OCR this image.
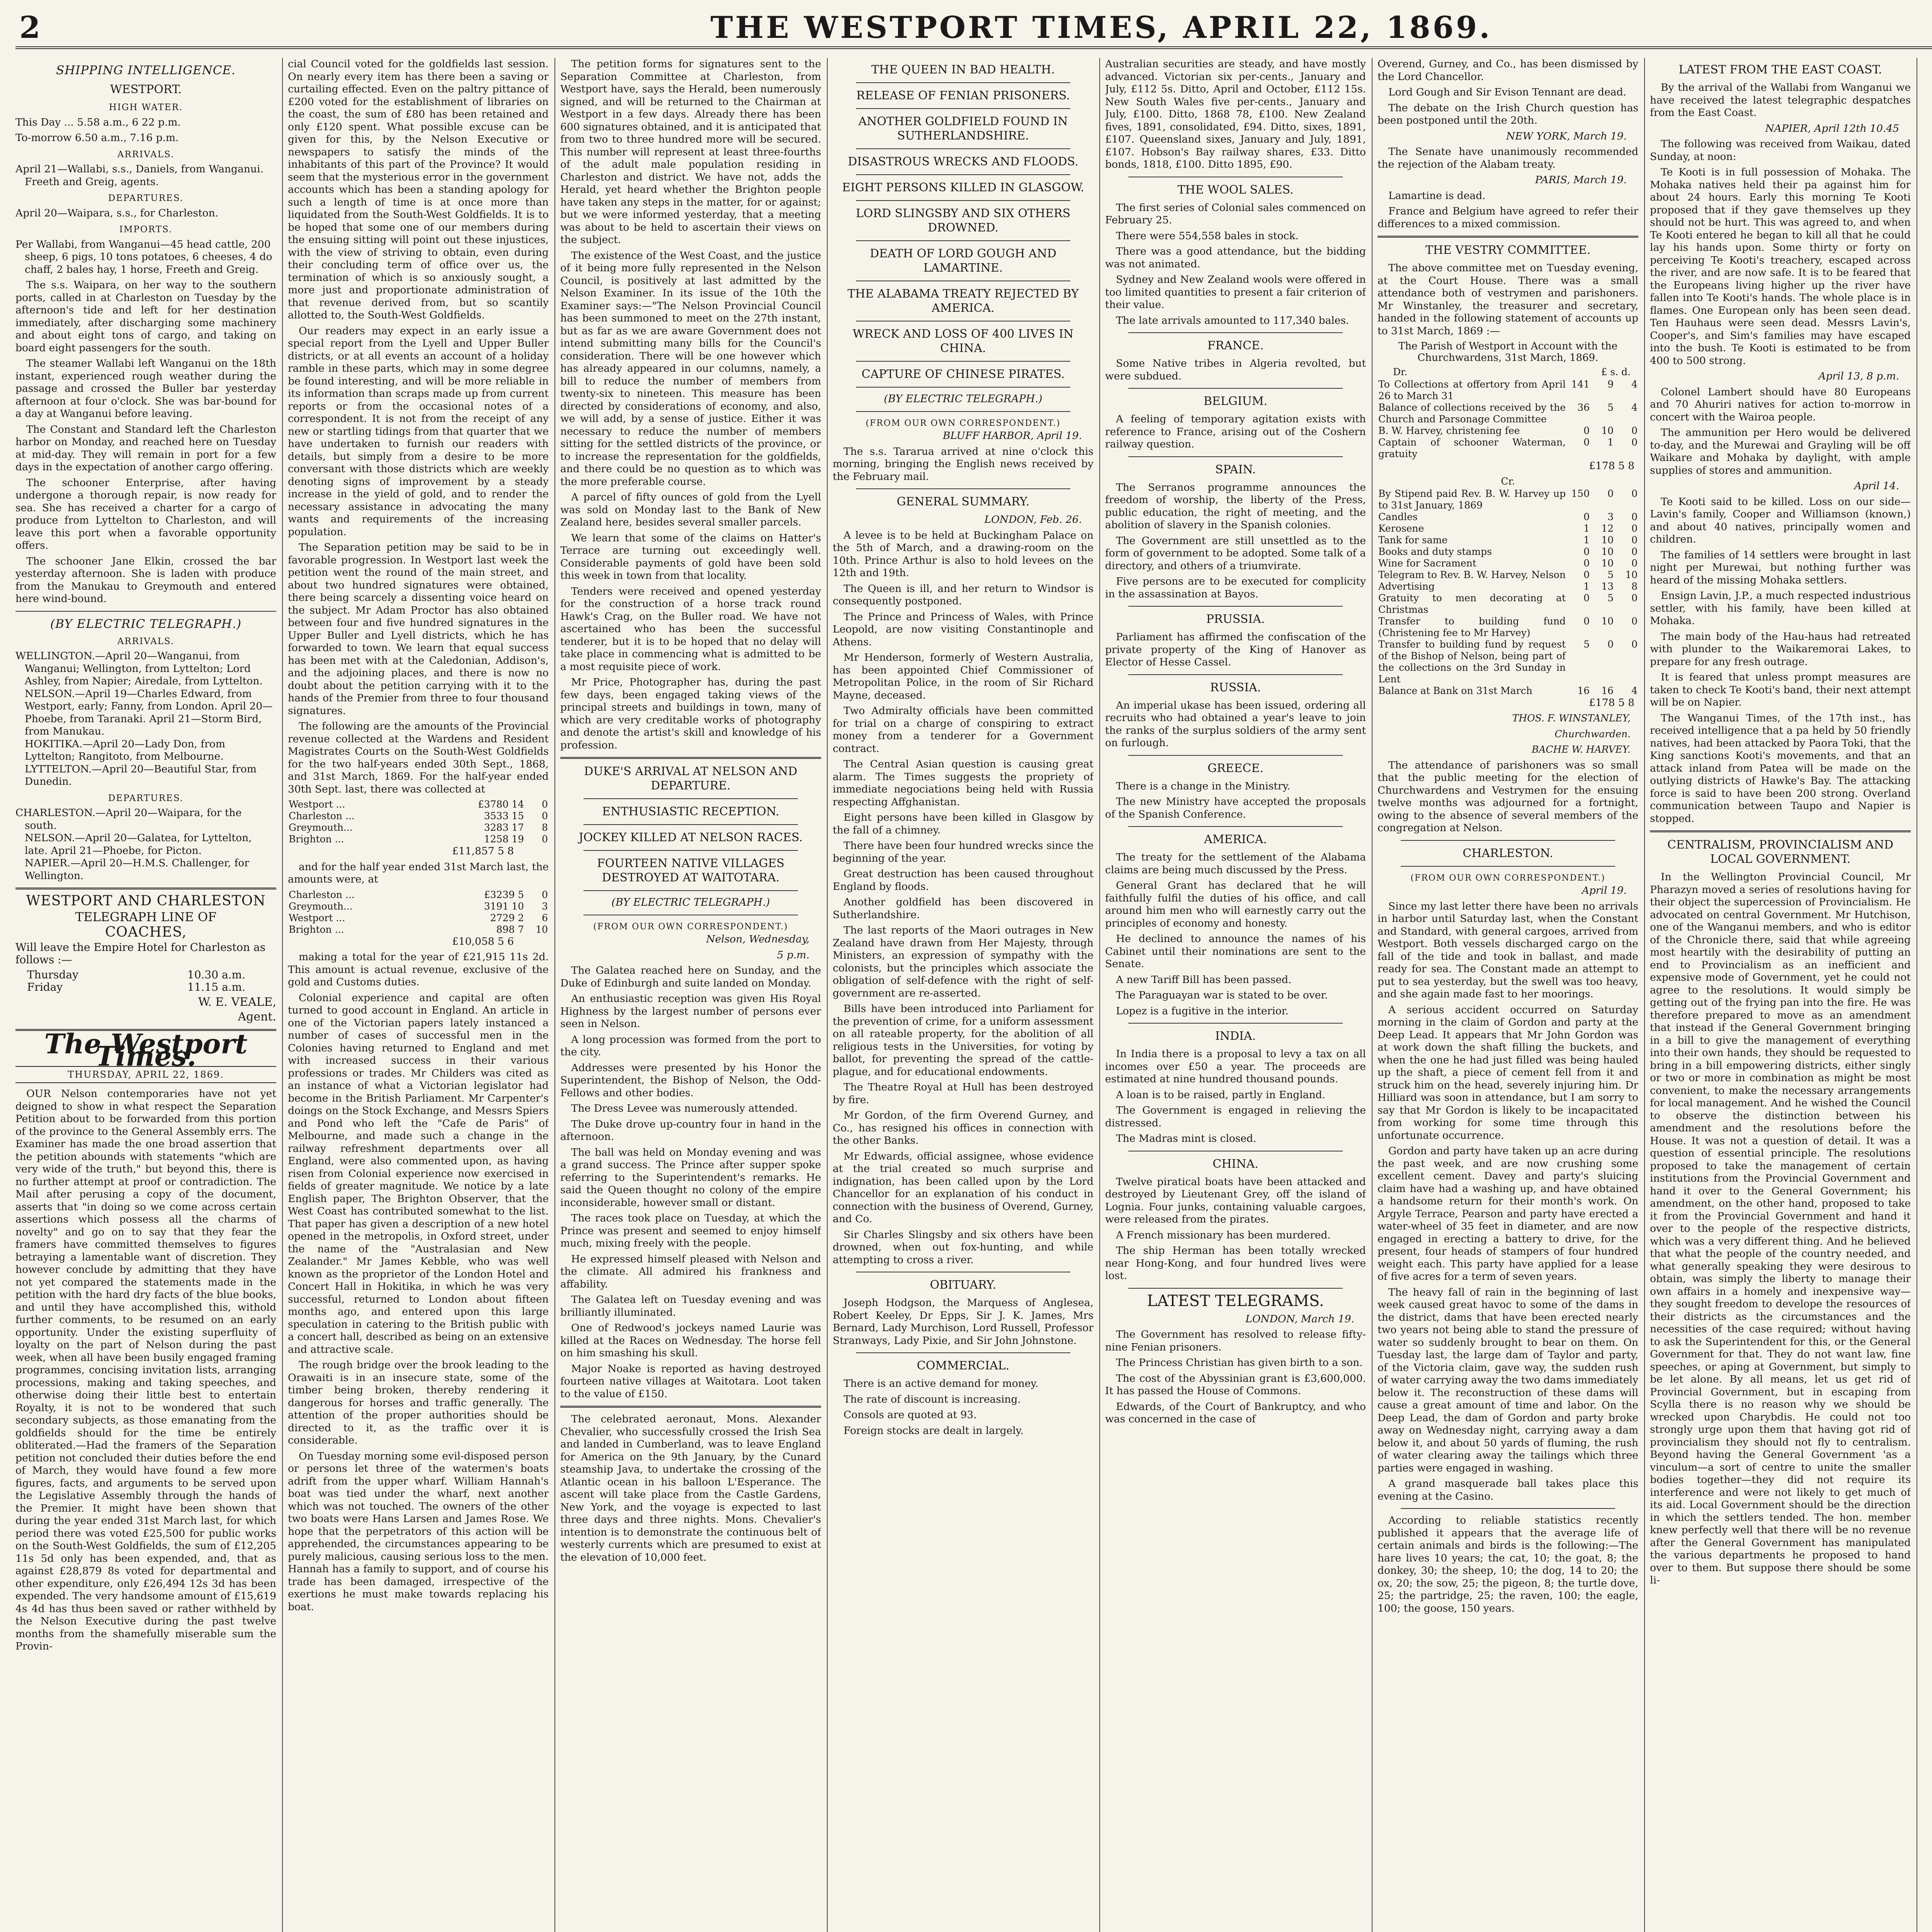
2	THE WESTPORT TIMES, APRIL 22, 1869.
SHIPPING INTELLIGENCE.
WESTPORT.
HIGH WATER.

This Day ... 5.58 a.m., 6 22 p.m.

To-morrow 6.50 a.m., 7.16 p.m.

ARRIVALS.

April 21—Wallabi, s.s., Daniels, from Wanganui. Freeth and Greig, agents.

DEPARTURES.

April 20—Waipara, s.s., for Charleston.

IMPORTS.

Per Wallabi, from Wanganui—45 head cattle, 200 sheep, 6 pigs, 10 tons potatoes, 6 cheeses, 4 do chaff, 2 bales hay, 1 horse, Freeth and Greig.

The s.s. Waipara, on her way to the southern ports, called in at Charleston on Tuesday by the afternoon's tide and left for her destination immediately, after discharging some machinery and about eight tons of cargo, and taking on board eight passengers for the south.

The steamer Wallabi left Wanganui on the 18th instant, experienced rough weather during the passage and crossed the Buller bar yesterday afternoon at four o'clock. She was bar-bound for a day at Wanganui before leaving.

The Constant and Standard left the Charleston harbor on Monday, and reached here on Tuesday at mid-day. They will remain in port for a few days in the expectation of another cargo offering.

The schooner Enterprise, after having undergone a thorough repair, is now ready for sea. She has received a charter for a cargo of produce from Lyttelton to Charleston, and will leave this port when a favorable opportunity offers.

The schooner Jane Elkin, crossed the bar yesterday afternoon. She is laden with produce from the Manukau to Greymouth and entered here wind-bound.

(BY ELECTRIC TELEGRAPH.)
ARRIVALS.

WELLINGTON.—April 20—Wanganui, from Wanganui; Wellington, from Lyttelton; Lord Ashley, from Napier; Airedale, from Lyttelton.
NELSON.—April 19—Charles Edward, from Westport, early; Fanny, from London. April 20—Phoebe, from Taranaki. April 21—Storm Bird, from Manukau.
HOKITIKA.—April 20—Lady Don, from Lyttelton; Rangitoto, from Melbourne.
LYTTELTON.—April 20—Beautiful Star, from Dunedin.

DEPARTURES.

CHARLESTON.—April 20—Waipara, for the south.
NELSON.—April 20—Galatea, for Lyttelton, late. April 21—Phoebe, for Picton.
NAPIER.—April 20—H.M.S. Challenger, for Wellington.

WESTPORT AND CHARLESTON
TELEGRAPH LINE OF
COACHES,
Will leave the Empire Hotel for Charleston as follows :—
Thursday	10.30 a.m.
Friday	11.15 a.m.
W. E. VEALE,
Agent.
The Westport Times.
THURSDAY, APRIL 22, 1869.

OUR Nelson contemporaries have not yet deigned to show in what respect the Separation Petition about to be forwarded from this portion of the province to the General Assembly errs. The Examiner has made the one broad assertion that the petition abounds with statements "which are very wide of the truth," but beyond this, there is no further attempt at proof or contradiction. The Mail after perusing a copy of the document, asserts that "in doing so we come across certain assertions which possess all the charms of novelty" and go on to say that they fear the framers have committed themselves to figures betraying a lamentable want of discretion. They however conclude by admitting that they have not yet compared the statements made in the petition with the hard dry facts of the blue books, and until they have accomplished this, withold further comments, to be resumed on an early opportunity. Under the existing superfluity of loyalty on the part of Nelson during the past week, when all have been busily engaged framing programmes, concising invitation lists, arranging processions, making and taking speeches, and otherwise doing their little best to entertain Royalty, it is not to be wondered that such secondary subjects, as those emanating from the goldfields should for the time be entirely obliterated.—Had the framers of the Separation petition not concluded their duties before the end of March, they would have found a few more figures, facts, and arguments to be served upon the Legislative Assembly through the hands of the Premier. It might have been shown that during the year ended 31st March last, for which period there was voted £25,500 for public works on the South-West Goldfields, the sum of £12,205 11s 5d only has been expended, and, that as against £28,879 8s voted for departmental and other expenditure, only £26,494 12s 3d has been expended. The very handsome amount of £15,619 4s 4d has thus been saved or rather withheld by the Nelson Executive during the past twelve months from the shamefully miserable sum the Provin-

cial Council voted for the goldfields last session. On nearly every item has there been a saving or curtailing effected. Even on the paltry pittance of £200 voted for the establishment of libraries on the coast, the sum of £80 has been retained and only £120 spent. What possible excuse can be given for this, by the Nelson Executive or newspapers to satisfy the minds of the inhabitants of this part of the Province? It would seem that the mysterious error in the government accounts which has been a standing apology for such a length of time is at once more than liquidated from the South-West Goldfields. It is to be hoped that some one of our members during the ensuing sitting will point out these injustices, with the view of striving to obtain, even during their concluding term of office over us, the termination of which is so anxiously sought, a more just and proportionate administration of that revenue derived from, but so scantily allotted to, the South-West Goldfields.

Our readers may expect in an early issue a special report from the Lyell and Upper Buller districts, or at all events an account of a holiday ramble in these parts, which may in some degree be found interesting, and will be more reliable in its information than scraps made up from current reports or from the occasional notes of a correspondent. It is not from the receipt of any new or startling tidings from that quarter that we have undertaken to furnish our readers with details, but simply from a desire to be more conversant with those districts which are weekly denoting signs of improvement by a steady increase in the yield of gold, and to render the necessary assistance in advocating the many wants and requirements of the increasing population.

The Separation petition may be said to be in favorable progression. In Westport last week the petition went the round of the main street, and about two hundred signatures were obtained, there being scarcely a dissenting voice heard on the subject. Mr Adam Proctor has also obtained between four and five hundred signatures in the Upper Buller and Lyell districts, which he has forwarded to town. We learn that equal success has been met with at the Caledonian, Addison's, and the adjoining places, and there is now no doubt about the petition carrying with it to the hands of the Premier from three to four thousand signatures.

The following are the amounts of the Provincial revenue collected at the Wardens and Resident Magistrates Courts on the South-West Goldfields for the two half-years ended 30th Sept., 1868, and 31st March, 1869. For the half-year ended 30th Sept. last, there was collected at

Westport ...	£3780 14	0
Charleston ...	3533 15	0
Greymouth...	3283 17	8
Brighton ...	1258 19	0

£11,857 5 8

and for the half year ended 31st March last, the amounts were, at

Charleston ...	£3239 5	0
Greymouth...	3191 10	3
Westport ...	2729 2	6
Brighton ...	898 7	10

£10,058 5 6

making a total for the year of £21,915 11s 2d. This amount is actual revenue, exclusive of the gold and Customs duties.

Colonial experience and capital are often turned to good account in England. An article in one of the Victorian papers lately instanced a number of cases of successful men in the Colonies having returned to England and met with increased success in their various professions or trades. Mr Childers was cited as an instance of what a Victorian legislator had become in the British Parliament. Mr Carpenter's doings on the Stock Exchange, and Messrs Spiers and Pond who left the "Cafe de Paris" of Melbourne, and made such a change in the railway refreshment departments over all England, were also commented upon, as having risen from Colonial experience now exercised in fields of greater magnitude. We notice by a late English paper, The Brighton Observer, that the West Coast has contributed somewhat to the list. That paper has given a description of a new hotel opened in the metropolis, in Oxford street, under the name of the "Australasian and New Zealander." Mr James Kebble, who was well known as the proprietor of the London Hotel and Concert Hall in Hokitika, in which he was very successful, returned to London about fifteen months ago, and entered upon this large speculation in catering to the British public with a concert hall, described as being on an extensive and attractive scale.

The rough bridge over the brook leading to the Orawaiti is in an insecure state, some of the timber being broken, thereby rendering it dangerous for horses and traffic generally. The attention of the proper authorities should be directed to it, as the traffic over it is considerable.

On Tuesday morning some evil-disposed person or persons let three of the watermen's boats adrift from the upper wharf. William Hannah's boat was tied under the wharf, next another which was not touched. The owners of the other two boats were Hans Larsen and James Rose. We hope that the perpetrators of this action will be apprehended, the circumstances appearing to be purely malicious, causing serious loss to the men. Hannah has a family to support, and of course his trade has been damaged, irrespective of the exertions he must make towards replacing his boat.

The petition forms for signatures sent to the Separation Committee at Charleston, from Westport have, says the Herald, been numerously signed, and will be returned to the Chairman at Westport in a few days. Already there has been 600 signatures obtained, and it is anticipated that from two to three hundred more will be secured. This number will represent at least three-fourths of the adult male population residing in Charleston and district. We have not, adds the Herald, yet heard whether the Brighton people have taken any steps in the matter, for or against; but we were informed yesterday, that a meeting was about to be held to ascertain their views on the subject.

The existence of the West Coast, and the justice of it being more fully represented in the Nelson Council, is positively at last admitted by the Nelson Examiner. In its issue of the 10th the Examiner says:—"The Nelson Provincial Council has been summoned to meet on the 27th instant, but as far as we are aware Government does not intend submitting many bills for the Council's consideration. There will be one however which has already appeared in our columns, namely, a bill to reduce the number of members from twenty-six to nineteen. This measure has been directed by considerations of economy, and also, we will add, by a sense of justice. Either it was necessary to reduce the number of members sitting for the settled districts of the province, or to increase the representation for the goldfields, and there could be no question as to which was the more preferable course.

A parcel of fifty ounces of gold from the Lyell was sold on Monday last to the Bank of New Zealand here, besides several smaller parcels.

We learn that some of the claims on Hatter's Terrace are turning out exceedingly well. Considerable payments of gold have been sold this week in town from that locality.

Tenders were received and opened yesterday for the construction of a horse track round Hawk's Crag, on the Buller road. We have not ascertained who has been the successful tenderer, but it is to be hoped that no delay will take place in commencing what is admitted to be a most requisite piece of work.

Mr Price, Photographer has, during the past few days, been engaged taking views of the principal streets and buildings in town, many of which are very creditable works of photography and denote the artist's skill and knowledge of his profession.

DUKE'S ARRIVAL AT NELSON AND DEPARTURE.
ENTHUSIASTIC RECEPTION.
JOCKEY KILLED AT NELSON RACES.
FOURTEEN NATIVE VILLAGES DESTROYED AT WAITOTARA.
(BY ELECTRIC TELEGRAPH.)
(FROM OUR OWN CORRESPONDENT.)

Nelson, Wednesday,

5 p.m.

The Galatea reached here on Sunday, and the Duke of Edinburgh and suite landed on Monday.

An enthusiastic reception was given His Royal Highness by the largest number of persons ever seen in Nelson.

A long procession was formed from the port to the city.

Addresses were presented by his Honor the Superintendent, the Bishop of Nelson, the Odd-Fellows and other bodies.

The Dress Levee was numerously attended.

The Duke drove up-country four in hand in the afternoon.

The ball was held on Monday evening and was a grand success. The Prince after supper spoke referring to the Superintendent's remarks. He said the Queen thought no colony of the empire inconsiderable, however small or distant.

The races took place on Tuesday, at which the Prince was present and seemed to enjoy himself much, mixing freely with the people.

He expressed himself pleased with Nelson and the climate. All admired his frankness and affability.

The Galatea left on Tuesday evening and was brilliantly illuminated.

One of Redwood's jockeys named Laurie was killed at the Races on Wednesday. The horse fell on him smashing his skull.

Major Noake is reported as having destroyed fourteen native villages at Waitotara. Loot taken to the value of £150.

The celebrated aeronaut, Mons. Alexander Chevalier, who successfully crossed the Irish Sea and landed in Cumberland, was to leave England for America on the 9th January, by the Cunard steamship Java, to undertake the crossing of the Atlantic ocean in his balloon L'Esperance. The ascent will take place from the Castle Gardens, New York, and the voyage is expected to last three days and three nights. Mons. Chevalier's intention is to demonstrate the continuous belt of westerly currents which are presumed to exist at the elevation of 10,000 feet.

THE QUEEN IN BAD HEALTH.
RELEASE OF FENIAN PRISONERS.
ANOTHER GOLDFIELD FOUND IN SUTHERLANDSHIRE.
DISASTROUS WRECKS AND FLOODS.
EIGHT PERSONS KILLED IN GLASGOW.
LORD SLINGSBY AND SIX OTHERS DROWNED.
DEATH OF LORD GOUGH AND LAMARTINE.
THE ALABAMA TREATY REJECTED BY AMERICA.
WRECK AND LOSS OF 400 LIVES IN CHINA.
CAPTURE OF CHINESE PIRATES.
(BY ELECTRIC TELEGRAPH.)
(FROM OUR OWN CORRESPONDENT.)

BLUFF HARBOR, April 19.

The s.s. Tararua arrived at nine o'clock this morning, bringing the English news received by the February mail.

GENERAL SUMMARY.

LONDON, Feb. 26.

A levee is to be held at Buckingham Palace on the 5th of March, and a drawing-room on the 10th. Prince Arthur is also to hold levees on the 12th and 19th.

The Queen is ill, and her return to Windsor is consequently postponed.

The Prince and Princess of Wales, with Prince Leopold, are now visiting Constantinople and Athens.

Mr Henderson, formerly of Western Australia, has been appointed Chief Commissioner of Metropolitan Police, in the room of Sir Richard Mayne, deceased.

Two Admiralty officials have been committed for trial on a charge of conspiring to extract money from a tenderer for a Government contract.

The Central Asian question is causing great alarm. The Times suggests the propriety of immediate negociations being held with Russia respecting Affghanistan.

Eight persons have been killed in Glasgow by the fall of a chimney.

There have been four hundred wrecks since the beginning of the year.

Great destruction has been caused throughout England by floods.

Another goldfield has been discovered in Sutherlandshire.

The last reports of the Maori outrages in New Zealand have drawn from Her Majesty, through Ministers, an expression of sympathy with the colonists, but the principles which associate the obligation of self-defence with the right of self-government are re-asserted.

Bills have been introduced into Parliament for the prevention of crime, for a uniform assessment on all rateable property, for the abolition of all religious tests in the Universities, for voting by ballot, for preventing the spread of the cattle-plague, and for educational endowments.

The Theatre Royal at Hull has been destroyed by fire.

Mr Gordon, of the firm Overend Gurney, and Co., has resigned his offices in connection with the other Banks.

Mr Edwards, official assignee, whose evidence at the trial created so much surprise and indignation, has been called upon by the Lord Chancellor for an explanation of his conduct in connection with the business of Overend, Gurney, and Co.

Sir Charles Slingsby and six others have been drowned, when out fox-hunting, and while attempting to cross a river.

OBITUARY.

Joseph Hodgson, the Marquess of Anglesea, Robert Keeley, Dr Epps, Sir J. K. James, Mrs Bernard, Lady Murchison, Lord Russell, Professor Stranways, Lady Pixie, and Sir John Johnstone.

COMMERCIAL.

There is an active demand for money.

The rate of discount is increasing.

Consols are quoted at 93.

Foreign stocks are dealt in largely.

Australian securities are steady, and have mostly advanced. Victorian six per-cents., January and July, £112 5s. Ditto, April and October, £112 15s. New South Wales five per-cents., January and July, £100. Ditto, 1868 78, £100. New Zealand fives, 1891, consolidated, £94. Ditto, sixes, 1891, £107. Queensland sixes, January and July, 1891, £107. Hobson's Bay railway shares, £33. Ditto bonds, 1818, £100. Ditto 1895, £90.

THE WOOL SALES.

The first series of Colonial sales commenced on February 25.

There were 554,558 bales in stock.

There was a good attendance, but the bidding was not animated.

Sydney and New Zealand wools were offered in too limited quantities to present a fair criterion of their value.

The late arrivals amounted to 117,340 bales.

FRANCE.

Some Native tribes in Algeria revolted, but were subdued.

BELGIUM.

A feeling of temporary agitation exists with reference to France, arising out of the Coshern railway question.

SPAIN.

The Serranos programme announces the freedom of worship, the liberty of the Press, public education, the right of meeting, and the abolition of slavery in the Spanish colonies.

The Government are still unsettled as to the form of government to be adopted. Some talk of a directory, and others of a triumvirate.

Five persons are to be executed for complicity in the assassination at Bayos.

PRUSSIA.

Parliament has affirmed the confiscation of the private property of the King of Hanover as Elector of Hesse Cassel.

RUSSIA.

An imperial ukase has been issued, ordering all recruits who had obtained a year's leave to join the ranks of the surplus soldiers of the army sent on furlough.

GREECE.

There is a change in the Ministry.

The new Ministry have accepted the proposals of the Spanish Conference.

AMERICA.

The treaty for the settlement of the Alabama claims are being much discussed by the Press.

General Grant has declared that he will faithfully fulfil the duties of his office, and call around him men who will earnestly carry out the principles of economy and honesty.

He declined to announce the names of his Cabinet until their nominations are sent to the Senate.

A new Tariff Bill has been passed.

The Paraguayan war is stated to be over.

Lopez is a fugitive in the interior.

INDIA.

In India there is a proposal to levy a tax on all incomes over £50 a year. The proceeds are estimated at nine hundred thousand pounds.

A loan is to be raised, partly in England.

The Government is engaged in relieving the distressed.

The Madras mint is closed.

CHINA.

Twelve piratical boats have been attacked and destroyed by Lieutenant Grey, off the island of Lognia. Four junks, containing valuable cargoes, were released from the pirates.

A French missionary has been murdered.

The ship Herman has been totally wrecked near Hong-Kong, and four hundred lives were lost.

LATEST TELEGRAMS.

LONDON, March 19.

The Government has resolved to release fifty-nine Fenian prisoners.

The Princess Christian has given birth to a son.

The cost of the Abyssinian grant is £3,600,000. It has passed the House of Commons.

Edwards, of the Court of Bankruptcy, and who was concerned in the case of

Overend, Gurney, and Co., has been dismissed by the Lord Chancellor.

Lord Gough and Sir Evison Tennant are dead.

The debate on the Irish Church question has been postponed until the 20th.

NEW YORK, March 19.

The Senate have unanimously recommended the rejection of the Alabam treaty.

PARIS, March 19.

Lamartine is dead.

France and Belgium have agreed to refer their differences to a mixed commission.

THE VESTRY COMMITTEE.

The above committee met on Tuesday evening, at the Court House. There was a small attendance both of vestrymen and parishoners. Mr Winstanley, the treasurer and secretary, handed in the following statement of accounts up to 31st March, 1869 :—

The Parish of Westport in Account with the Churchwardens, 31st March, 1869.
Dr.	£ s. d.
To Collections at offertory from April 26 to March 31	141	9	4
Balance of collections received by the Church and Parsonage Committee	36	5	4
B. W. Harvey, christening fee	0	10	0
Captain of schooner Waterman, gratuity	0	1	0

£178 5 8

Cr.
By Stipend paid Rev. B. W. Harvey up to 31st January, 1869	150	0	0
Candles	0	3	0
Kerosene	1	12	0
Tank for same	1	10	0
Books and duty stamps	0	10	0
Wine for Sacrament	0	10	0
Telegram to Rev. B. W. Harvey, Nelson	0	5	10
Advertising	1	13	8
Gratuity to men decorating at Christmas	0	5	0
Transfer to building fund (Christening fee to Mr Harvey)	0	10	0
Transfer to building fund by request of the Bishop of Nelson, being part of the collections on the 3rd Sunday in Lent	5	0	0
Balance at Bank on 31st March	16	16	4

£178 5 8

THOS. F. WINSTANLEY,

Churchwarden.

BACHE W. HARVEY.

The attendance of parishoners was so small that the public meeting for the election of Churchwardens and Vestrymen for the ensuing twelve months was adjourned for a fortnight, owing to the absence of several members of the congregation at Nelson.

CHARLESTON.
(FROM OUR OWN CORRESPONDENT.)

April 19.

Since my last letter there have been no arrivals in harbor until Saturday last, when the Constant and Standard, with general cargoes, arrived from Westport. Both vessels discharged cargo on the fall of the tide and took in ballast, and made ready for sea. The Constant made an attempt to put to sea yesterday, but the swell was too heavy, and she again made fast to her moorings.

A serious accident occurred on Saturday morning in the claim of Gordon and party at the Deep Lead. It appears that Mr John Gordon was at work down the shaft filling the buckets, and when the one he had just filled was being hauled up the shaft, a piece of cement fell from it and struck him on the head, severely injuring him. Dr Hilliard was soon in attendance, but I am sorry to say that Mr Gordon is likely to be incapacitated from working for some time through this unfortunate occurrence.

Gordon and party have taken up an acre during the past week, and are now crushing some excellent cement. Davey and party's sluicing claim have had a washing up, and have obtained a handsome return for their month's work. On Argyle Terrace, Pearson and party have erected a water-wheel of 35 feet in diameter, and are now engaged in erecting a battery to drive, for the present, four heads of stampers of four hundred weight each. This party have applied for a lease of five acres for a term of seven years.

The heavy fall of rain in the beginning of last week caused great havoc to some of the dams in the district, dams that have been erected nearly two years not being able to stand the pressure of water so suddenly brought to bear on them. On Tuesday last, the large dam of Taylor and party, of the Victoria claim, gave way, the sudden rush of water carrying away the two dams immediately below it. The reconstruction of these dams will cause a great amount of time and labor. On the Deep Lead, the dam of Gordon and party broke away on Wednesday night, carrying away a dam below it, and about 50 yards of fluming, the rush of water clearing away the tailings which three parties were engaged in washing.

A grand masquerade ball takes place this evening at the Casino.

According to reliable statistics recently published it appears that the average life of certain animals and birds is the following:—The hare lives 10 years; the cat, 10; the goat, 8; the donkey, 30; the sheep, 10; the dog, 14 to 20; the ox, 20; the sow, 25; the pigeon, 8; the turtle dove, 25; the partridge, 25; the raven, 100; the eagle, 100; the goose, 150 years.

LATEST FROM THE EAST COAST.

By the arrival of the Wallabi from Wanganui we have received the latest telegraphic despatches from the East Coast.

NAPIER, April 12th 10.45

The following was received from Waikau, dated Sunday, at noon:

Te Kooti is in full possession of Mohaka. The Mohaka natives held their pa against him for about 24 hours. Early this morning Te Kooti proposed that if they gave themselves up they should not be hurt. This was agreed to, and when Te Kooti entered he began to kill all that he could lay his hands upon. Some thirty or forty on perceiving Te Kooti's treachery, escaped across the river, and are now safe. It is to be feared that the Europeans living higher up the river have fallen into Te Kooti's hands. The whole place is in flames. One European only has been seen dead. Ten Hauhaus were seen dead. Messrs Lavin's, Cooper's, and Sim's families may have escaped into the bush. Te Kooti is estimated to be from 400 to 500 strong.

April 13, 8 p.m.

Colonel Lambert should have 80 Europeans and 70 Ahuriri natives for action to-morrow in concert with the Wairoa people.

The ammunition per Hero would be delivered to-day, and the Murewai and Grayling will be off Waikare and Mohaka by daylight, with ample supplies of stores and ammunition.

April 14.

Te Kooti said to be killed. Loss on our side—Lavin's family, Cooper and Williamson (known,) and about 40 natives, principally women and children.

The families of 14 settlers were brought in last night per Murewai, but nothing further was heard of the missing Mohaka settlers.

Ensign Lavin, J.P., a much respected industrious settler, with his family, have been killed at Mohaka.

The main body of the Hau-haus had retreated with plunder to the Waikaremorai Lakes, to prepare for any fresh outrage.

It is feared that unless prompt measures are taken to check Te Kooti's band, their next attempt will be on Napier.

The Wanganui Times, of the 17th inst., has received intelligence that a pa held by 50 friendly natives, had been attacked by Paora Toki, that the King sanctions Kooti's movements, and that an attack inland from Patea will be made on the outlying districts of Hawke's Bay. The attacking force is said to have been 200 strong. Overland communication between Taupo and Napier is stopped.

CENTRALISM, PROVINCIALISM AND LOCAL GOVERNMENT.

In the Wellington Provincial Council, Mr Pharazyn moved a series of resolutions having for their object the supercession of Provincialism. He advocated on central Government. Mr Hutchison, one of the Wanganui members, and who is editor of the Chronicle there, said that while agreeing most heartily with the desirability of putting an end to Provincialism as an inefficient and expensive mode of Government, yet he could not agree to the resolutions. It would simply be getting out of the frying pan into the fire. He was therefore prepared to move as an amendment that instead if the General Government bringing in a bill to give the management of everything into their own hands, they should be requested to bring in a bill empowering districts, either singly or two or more in combination as might be most convenient, to make the necessary arrangements for local management. And he wished the Council to observe the distinction between his amendment and the resolutions before the House. It was not a question of detail. It was a question of essential principle. The resolutions proposed to take the management of certain institutions from the Provincial Government and hand it over to the General Government; his amendment, on the other hand, proposed to take it from the Provincial Government and hand it over to the people of the respective districts, which was a very different thing. And he believed that what the people of the country needed, and what generally speaking they were desirous to obtain, was simply the liberty to manage their own affairs in a homely and inexpensive way—they sought freedom to develope the resources of their districts as the circumstances and the necessities of the case required; without having to ask the Superintendent for this, or the General Government for that. They do not want law, fine speeches, or aping at Government, but simply to be let alone. By all means, let us get rid of Provincial Government, but in escaping from Scylla there is no reason why we should be wrecked upon Charybdis. He could not too strongly urge upon them that having got rid of provincialism they should not fly to centralism. Beyond having the General Government 'as a vinculum—a sort of centre to unite the smaller bodies together—they did not require its interference and were not likely to get much of its aid. Local Government should be the direction in which the settlers tended. The hon. member knew perfectly well that there will be no revenue after the General Government has manipulated the various departments he proposed to hand over to them. But suppose there should be some li-
